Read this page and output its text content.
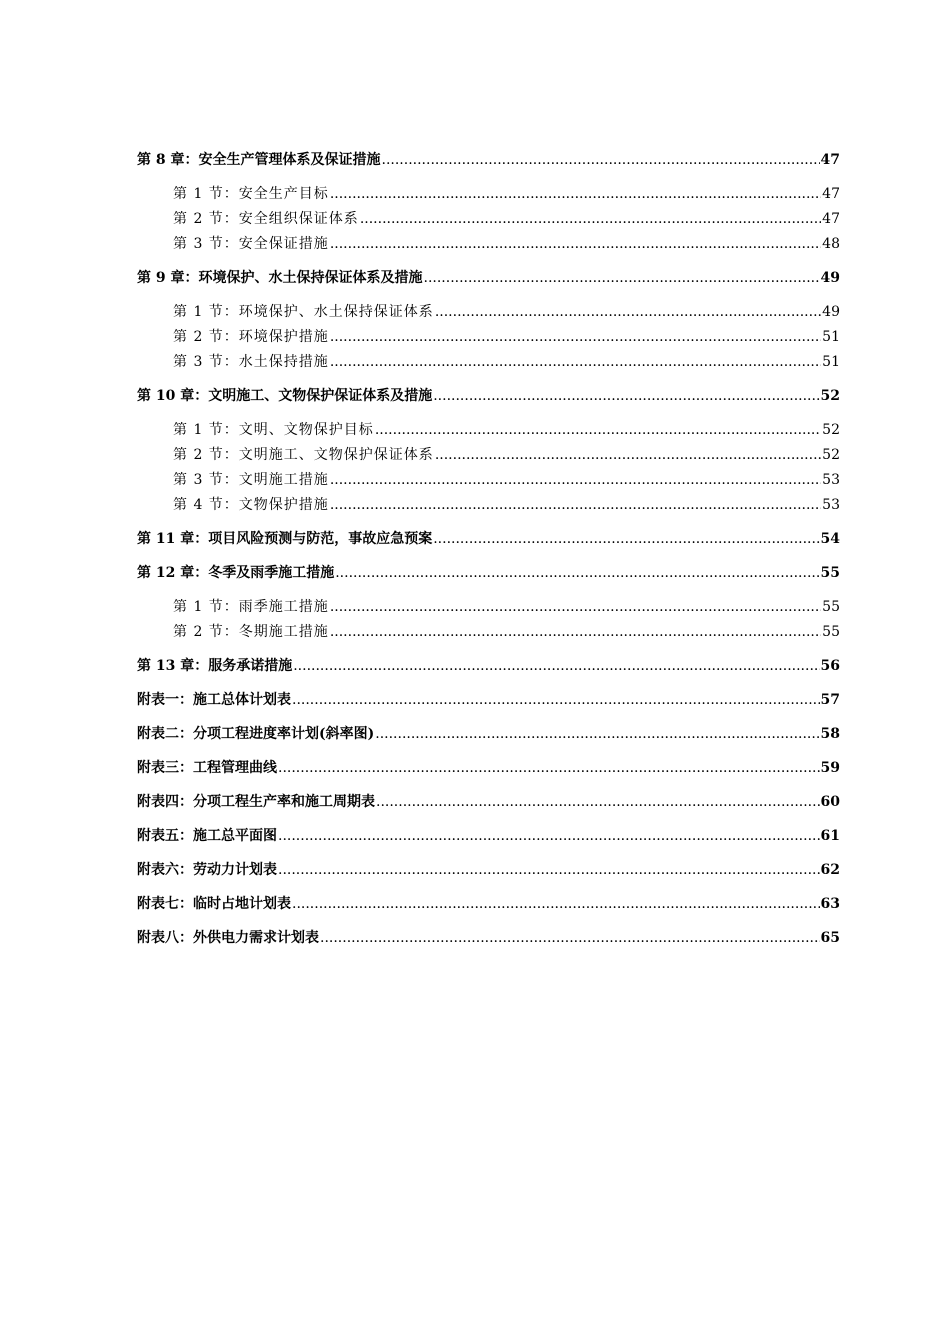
第 8 章：安全生产管理体系及保证措施 .....	47
第 1 节：安全生产目标 .....	47
第 2 节：安全组织保证体系 .....	47
第 3 节：安全保证措施 .....	48
第 9 章：环境保护、水土保持保证体系及措施 .....	49
第 1 节：环境保护、水土保持保证体系 .....	49
第 2 节：环境保护措施 .....	51
第 3 节：水土保持措施 .....	51
第 10 章：文明施工、文物保护保证体系及措施 .....	52
第 1 节：文明、文物保护目标 .....	52
第 2 节：文明施工、文物保护保证体系 .....	52
第 3 节：文明施工措施 .....	53
第 4 节：文物保护措施 .....	53
第 11 章：项目风险预测与防范，事故应急预案 .....	54
第 12 章：冬季及雨季施工措施 .....	55
第 1 节：雨季施工措施 .....	55
第 2 节：冬期施工措施 .....	55
第 13 章：服务承诺措施 .....	56
附表一：施工总体计划表 .....	57
附表二：分项工程进度率计划(斜率图) .....	58
附表三：工程管理曲线 .....	59
附表四：分项工程生产率和施工周期表 .....	60
附表五：施工总平面图 .....	61
附表六：劳动力计划表 .....	62
附表七：临时占地计划表 .....	63
附表八：外供电力需求计划表 .....	65
